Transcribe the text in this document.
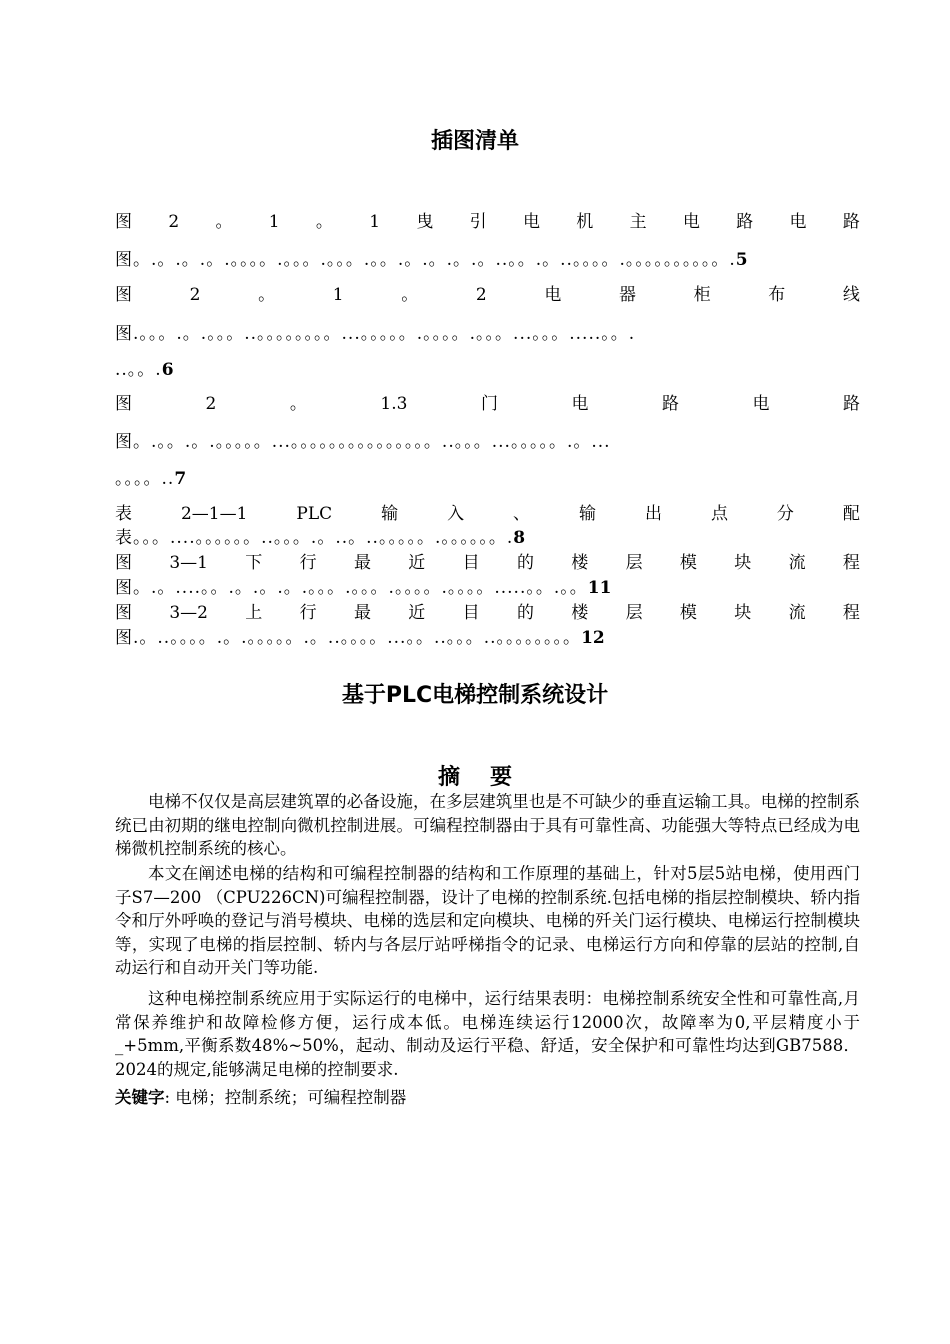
插图清单
图 2 。 1 。 1 曳 引 电 机 主 电 路 电 路
图。.。.。.。.。。。。.。。。.。。。.。。.。.。.。.。..。。.。..。。。。.。。。。。。。。。。.5
图	2	。	1	。	2	电	器	柜	布	线
图.。。。.。.。。。..。。。。。。。。...。。。。。.。。。。.。。。...。。。.....。。.
..。。.6
图	2	。	1.3	门	电	路	电	路
图。.。。.。.。。。。。...。。。。。。。。。。。。。。。..。。。...。。。。。.。...
。。。。..7
表	2—1—1	PLC	输	入	、	输	出	点	分	配
表。。。....。。。。。。..。。。.。..。..。。。。。.。。。。。。.8
图 3—1 下 行 最 近 目 的 楼 层 模 块 流 程
图。.。....。。.。.。.。.。。。.。。。.。。。。.。。。。.....。。.。。11
图 3—2 上 行 最 近 目 的 楼 层 模 块 流 程
图.。..。。。。.。.。。。。。.。..。。。。...。。..。。。..。。。。。。。。12
基于PLC电梯控制系统设计
摘要
电梯不仅仅是高层建筑罩的必备设施，在多层建筑里也是不可缺少的垂直运输工具。电梯的控制系统已由初期的继电控制向微机控制进展。可编程控制器由于具有可靠性高、功能强大等特点已经成为电梯微机控制系统的核心。
本文在阐述电梯的结构和可编程控制器的结构和工作原理的基础上，针对5层5站电梯，使用西门子S7—200 （CPU226CN)可编程控制器，设计了电梯的控制系统.包括电梯的指层控制模块、轿内指令和厅外呼唤的登记与消号模块、电梯的选层和定向模块、电梯的歼关门运行模块、电梯运行控制模块等，实现了电梯的指层控制、轿内与各层厅站呼梯指令的记录、电梯运行方向和停靠的层站的控制,自动运行和自动开关门等功能.
这种电梯控制系统应用于实际运行的电梯中，运行结果表明：电梯控制系统安全性和可靠性高,月常保养维护和故障检修方便，运行成本低。电梯连续运行12000次，故障率为0,平层精度小于_+5mm,平衡系数48%~50%，起动、制动及运行平稳、舒适，安全保护和可靠性均达到GB7588．2024的规定,能够满足电梯的控制要求.
关键字: 电梯；控制系统；可编程控制器
